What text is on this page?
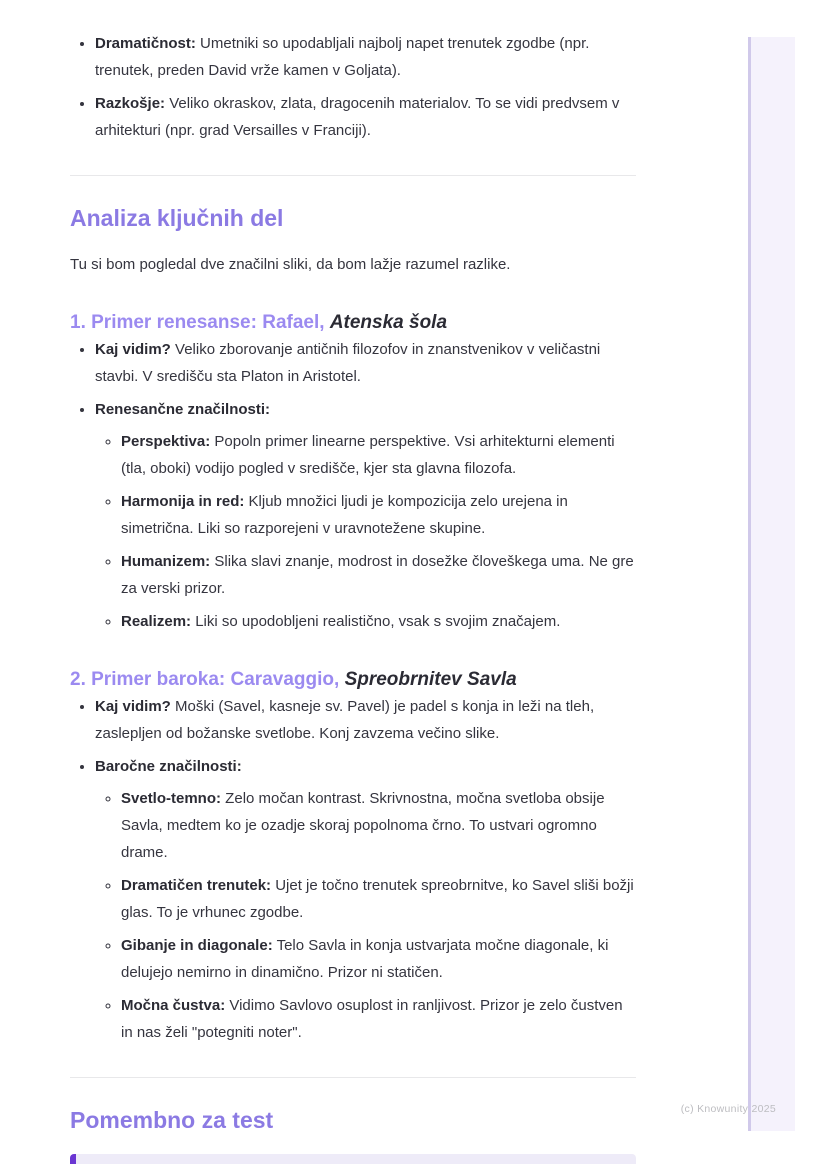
(c) Knowunity 2025
• Dramatičnost: Umetniki so upodabljali najbolj napet trenutek zgodbe (npr. trenutek, preden David vrže kamen v Goljata).
• Razkošje: Veliko okraskov, zlata, dragocenih materialov. To se vidi predvsem v arhitekturi (npr. grad Versailles v Franciji).
Analiza ključnih del

Tu si bom pogledal dve značilni sliki, da bom lažje razumel razlike.

1. Primer renesanse: Rafael, Atenska šola
• Kaj vidim? Veliko zborovanje antičnih filozofov in znanstvenikov v veličastni stavbi. V središču sta Platon in Aristotel.
• Renesančne značilnosti:
◦ Perspektiva: Popoln primer linearne perspektive. Vsi arhitekturni elementi (tla, oboki) vodijo pogled v središče, kjer sta glavna filozofa.
◦ Harmonija in red: Kljub množici ljudi je kompozicija zelo urejena in simetrična. Liki so razporejeni v uravnotežene skupine.
◦ Humanizem: Slika slavi znanje, modrost in dosežke človeškega uma. Ne gre za verski prizor.
◦ Realizem: Liki so upodobljeni realistično, vsak s svojim značajem.
2. Primer baroka: Caravaggio, Spreobrnitev Savla
• Kaj vidim? Moški (Savel, kasneje sv. Pavel) je padel s konja in leži na tleh, zaslepljen od božanske svetlobe. Konj zavzema večino slike.
• Baročne značilnosti:
◦ Svetlo-temno: Zelo močan kontrast. Skrivnostna, močna svetloba obsije Savla, medtem ko je ozadje skoraj popolnoma črno. To ustvari ogromno drame.
◦ Dramatičen trenutek: Ujet je točno trenutek spreobrnitve, ko Savel sliši božji glas. To je vrhunec zgodbe.
◦ Gibanje in diagonale: Telo Savla in konja ustvarjata močne diagonale, ki delujejo nemirno in dinamično. Prizor ni statičen.
◦ Močna čustva: Vidimo Savlovo osuplost in ranljivost. Prizor je zelo čustven in nas želi "potegniti noter".
Pomembno za test
